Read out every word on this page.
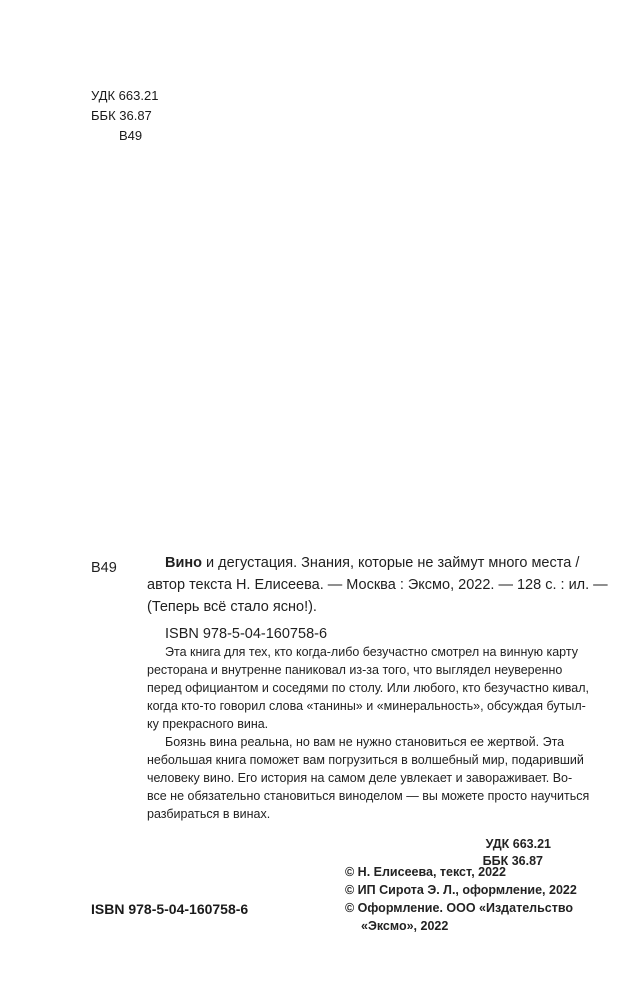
УДК 663.21
ББК 36.87
В49
В49	Вино и дегустация. Знания, которые не займут много места /
автор текста Н. Елисеева. — Москва : Эксмо, 2022. — 128 с. : ил. —
(Теперь всё стало ясно!).
ISBN 978-5-04-160758-6
Эта книга для тех, кто когда-либо безучастно смотрел на винную карту
ресторана и внутренне паниковал из-за того, что выглядел неуверенно
перед официантом и соседями по столу. Или любого, кто безучастно кивал,
когда кто-то говорил слова «танины» и «минеральность», обсуждая бутыл-
ку прекрасного вина.
Боязнь вина реальна, но вам не нужно становиться ее жертвой. Эта
небольшая книга поможет вам погрузиться в волшебный мир, подаривший
человеку вино. Его история на самом деле увлекает и завораживает. Во-
все не обязательно становиться виноделом — вы можете просто научиться
разбираться в винах.
УДК 663.21
ББК 36.87
© Н. Елисеева, текст, 2022
© ИП Сирота Э. Л., оформление, 2022
© Оформление. ООО «Издательство
«Эксмо», 2022
ISBN 978-5-04-160758-6
